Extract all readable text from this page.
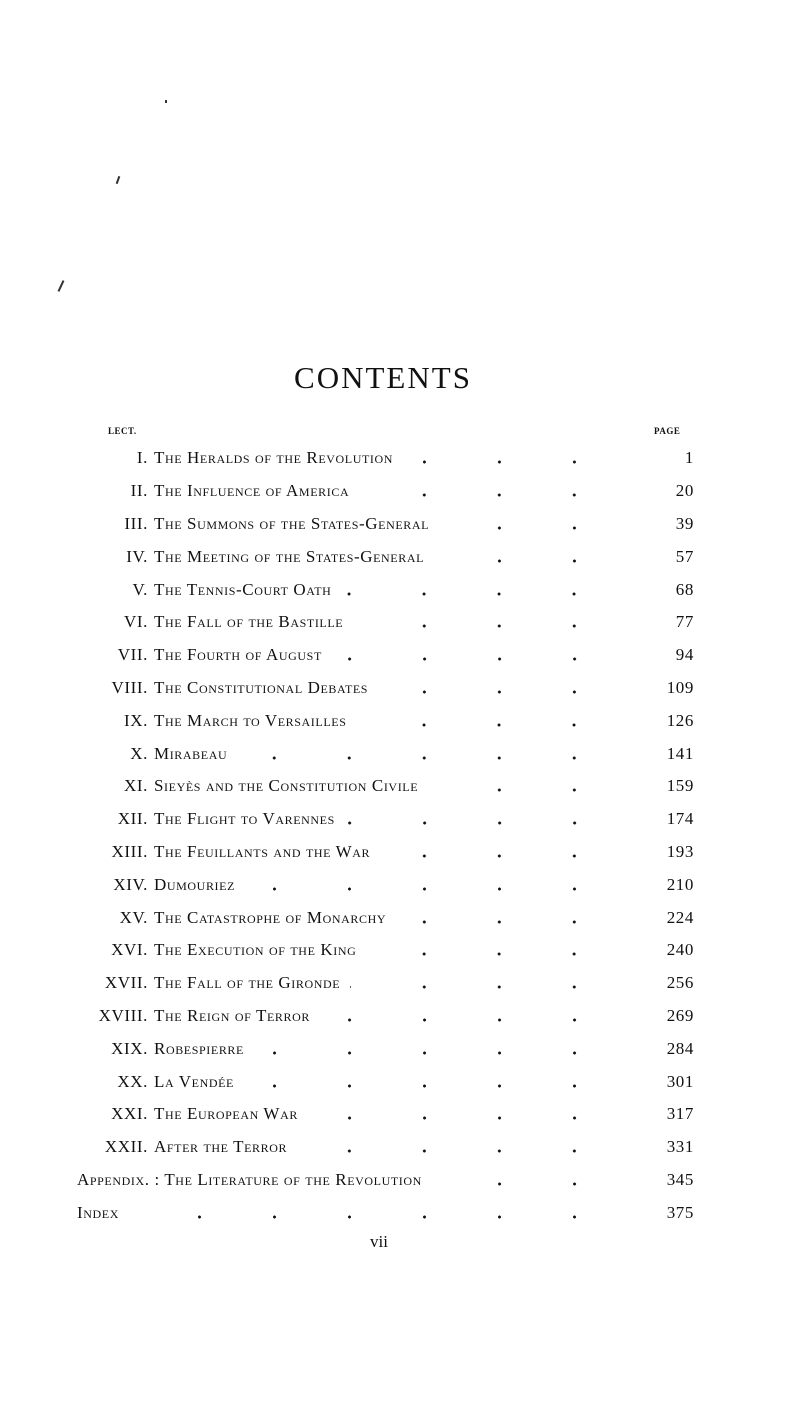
CONTENTS
LECT.	PAGE
I. The Heralds of the Revolution	1
II. The Influence of America	20
III. The Summons of the States-General	39
IV. The Meeting of the States-General	57
V. The Tennis-Court Oath	68
VI. The Fall of the Bastille	77
VII. The Fourth of August	94
VIII. The Constitutional Debates	109
IX. The March to Versailles	126
X. Mirabeau	141
XI. Sieyès and the Constitution Civile	159
XII. The Flight to Varennes	174
XIII. The Feuillants and the War	193
XIV. Dumouriez	210
XV. The Catastrophe of Monarchy	224
XVI. The Execution of the King	240
XVII. The Fall of the Gironde	256
XVIII. The Reign of Terror	269
XIX. Robespierre	284
XX. La Vendée	301
XXI. The European War	317
XXII. After the Terror	331
Appendix. : The Literature of the Revolution	345
Index	375
vii
